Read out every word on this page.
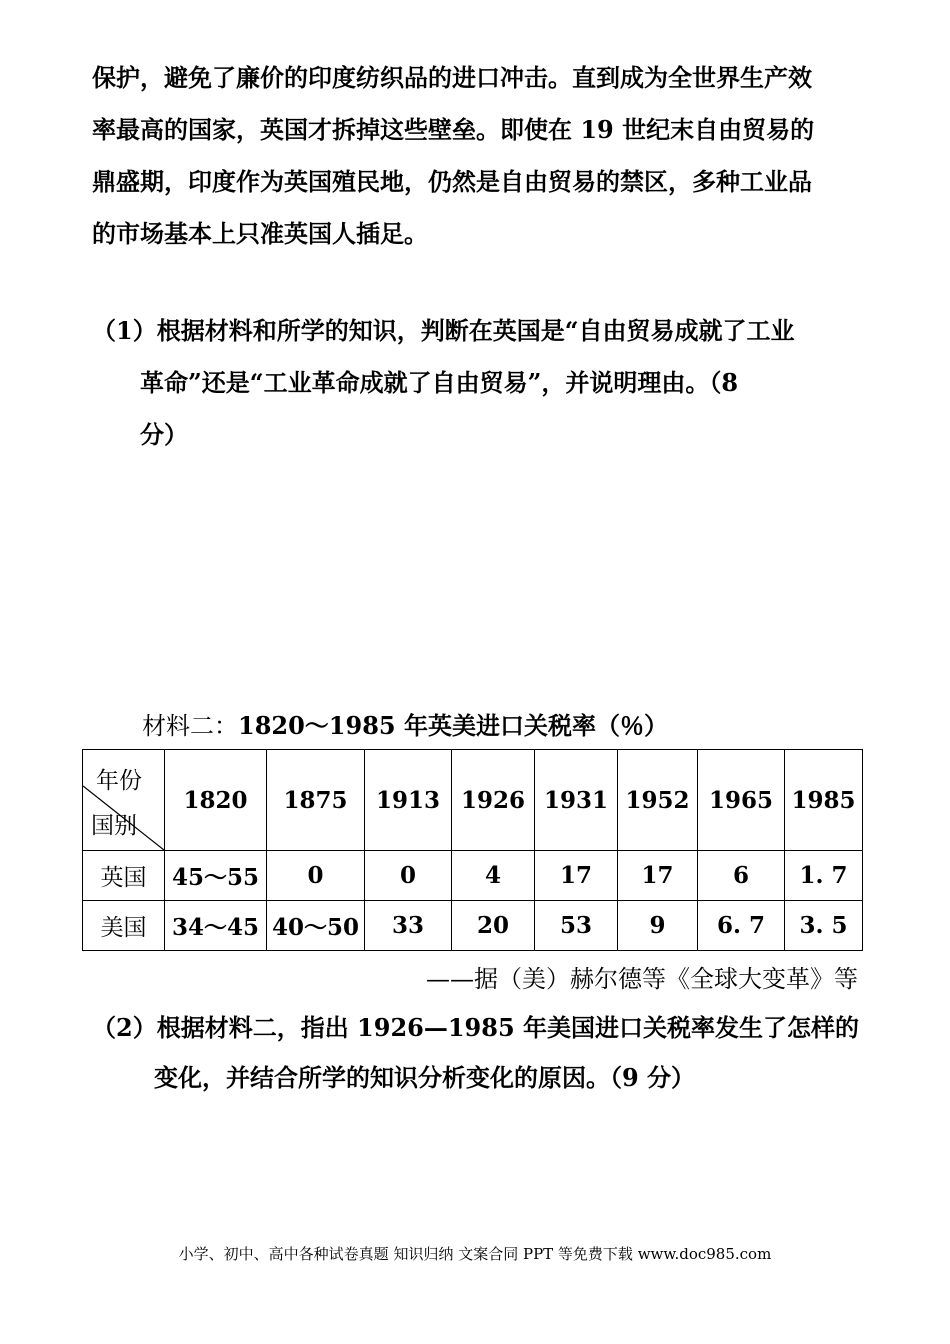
保护，避免了廉价的印度纺织品的进口冲击。直到成为全世界生产效
率最高的国家，英国才拆掉这些壁垒。即使在 19 世纪末自由贸易的
鼎盛期，印度作为英国殖民地，仍然是自由贸易的禁区，多种工业品
的市场基本上只准英国人插足。
（1）根据材料和所学的知识，判断在英国是“自由贸易成就了工业
革命”还是“工业革命成就了自由贸易”，并说明理由。（8
分）
材料二：1820～1985 年英美进口关税率（％）
年份
国别	1820	1875	1913	1926	1931	1952	1965	1985
英国	45～55	0	0	4	17	17	6	1. 7
美国	34～45	40～50	33	20	53	9	6. 7	3. 5
——据（美）赫尔德等《全球大变革》等
（2）根据材料二，指出 1926—1985 年美国进口关税率发生了怎样的
变化，并结合所学的知识分析变化的原因。（9 分）
小学、初中、高中各种试卷真题 知识归纳 文案合同 PPT 等免费下载 www.doc985.com
